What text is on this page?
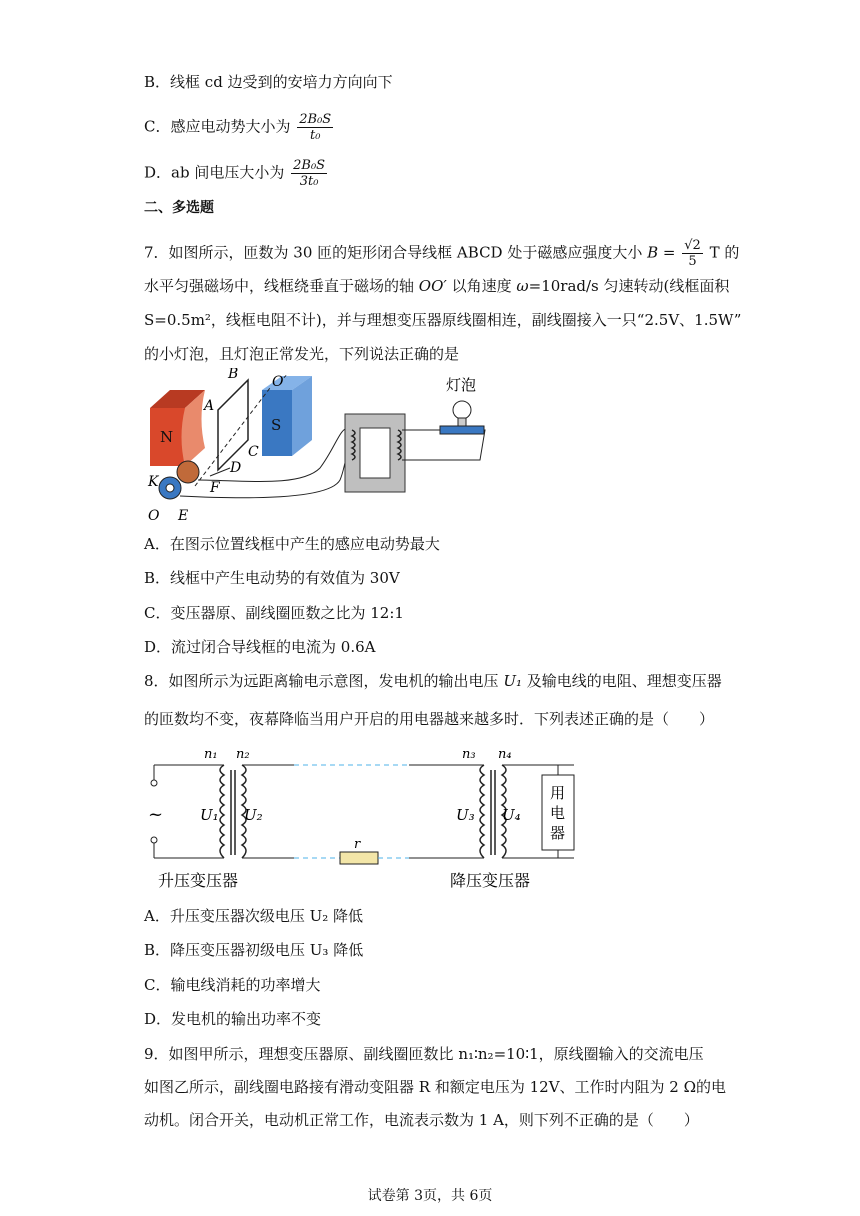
B．线框 cd 边受到的安培力方向向下
C．感应电动势大小为 $\frac{\text{2B₀S}}{\text{t₀}}$
D．ab 间电压大小为 $\frac{\text{2B₀S}}{\text{3t₀}}$
二、多选题
7．如图所示，匝数为 30 匝的矩形闭合导线框 ABCD 处于磁感应强度大小 $B = \frac{√2}{5}$ T 的
水平匀强磁场中，线框绕垂直于磁场的轴 OO′ 以角速度 ω=10rad/s 匀速转动(线框面积
S=0.5m²，线框电阻不计)，并与理想变压器原线圈相连，副线圈接入一只“2.5V、1.5W”
的小灯泡，且灯泡正常发光，下列说法正确的是
N
S
B
A
O′
C
D
F
K
O E
灯泡
A．在图示位置线框中产生的感应电动势最大
B．线框中产生电动势的有效值为 30V
C．变压器原、副线圈匝数之比为 12:1
D．流过闭合导线框的电流为 0.6A
8．如图所示为远距离输电示意图，发电机的输出电压 U₁ 及输电线的电阻、理想变压器
的匝数均不变，夜幕降临当用户开启的用电器越来越多时．下列表述正确的是（　　）
~
n₁ n₂
U₁ U₂
r
n₃ n₄
U₃ U₄
用
电
器
升压变压器	降压变压器
A．升压变压器次级电压 U₂ 降低
B．降压变压器初级电压 U₃ 降低
C．输电线消耗的功率增大
D．发电机的输出功率不变
9．如图甲所示，理想变压器原、副线圈匝数比 n₁∶n₂=10∶1，原线圈输入的交流电压
如图乙所示，副线圈电路接有滑动变阻器 R 和额定电压为 12V、工作时内阻为 2 Ω的电
动机。闭合开关，电动机正常工作，电流表示数为 1 A，则下列不正确的是（　　）
试卷第 3页，共 6页
